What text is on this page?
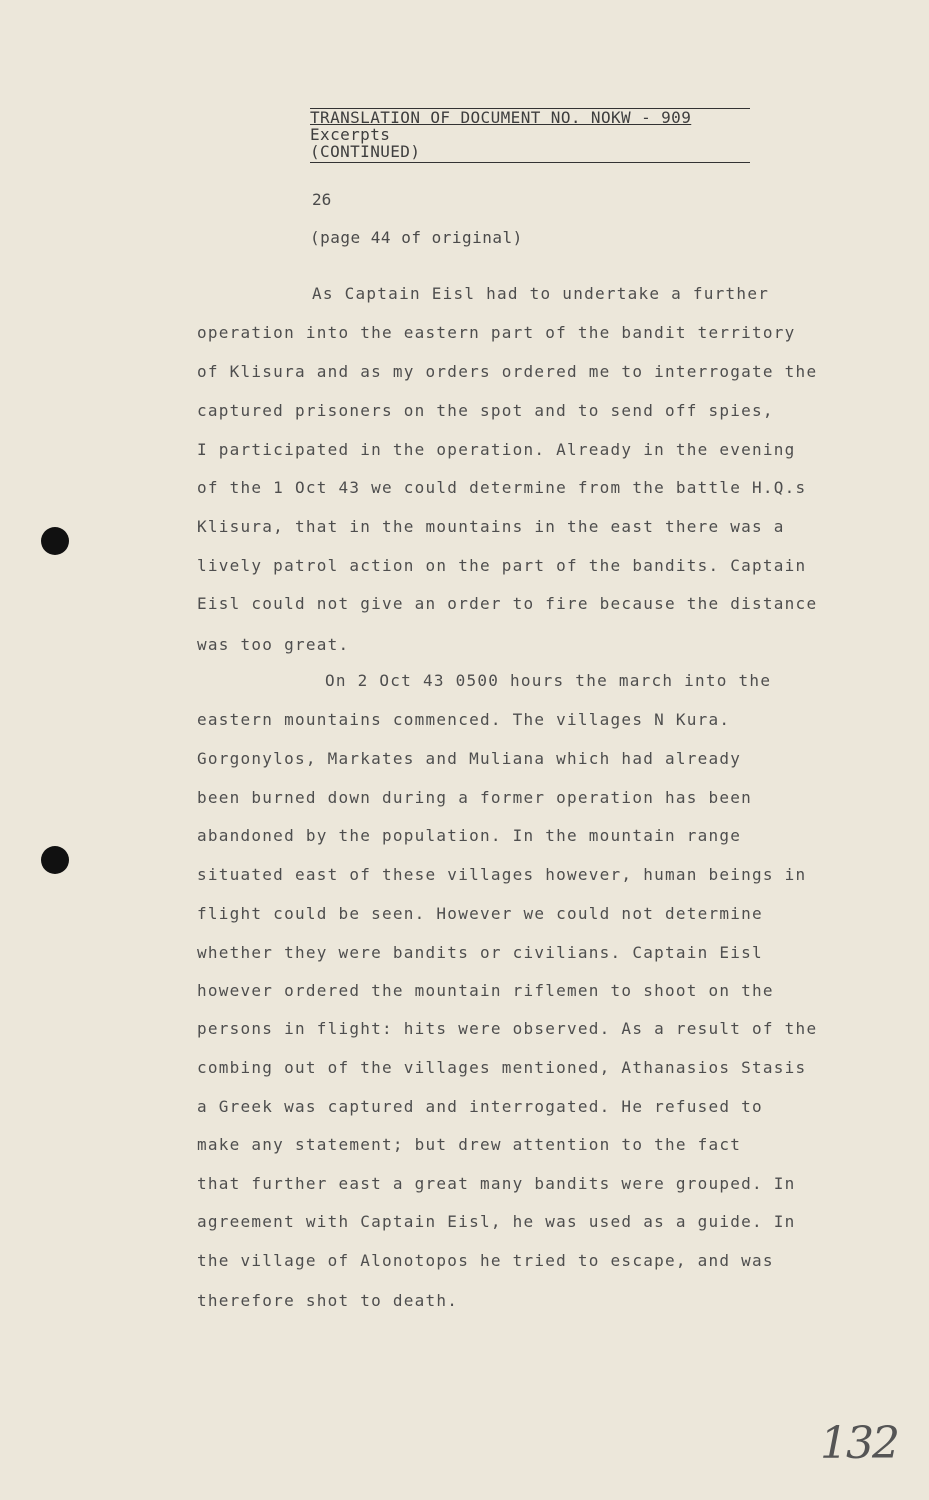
TRANSLATION OF DOCUMENT NO. NOKW - 909
Excerpts
(CONTINUED)
26
(page 44 of original)
As Captain Eisl had to undertake a further
operation into the eastern part of the bandit territory
of Klisura and as my orders ordered me to interrogate the
captured prisoners on the spot and to send off spies,
I participated in the operation. Already in the evening
of the 1 Oct 43 we could determine from the battle H.Q.s
Klisura, that in the mountains in the east there was a
lively patrol action on the part of the bandits. Captain
Eisl could not give an order to fire because the distance
was too great.
On 2 Oct 43 0500 hours the march into the
eastern mountains commenced. The villages N Kura.
Gorgonylos, Markates and Muliana which had already
been burned down during a former operation has been
abandoned by the population. In the mountain range
situated east of these villages however, human beings in
flight could be seen. However we could not determine
whether they were bandits or civilians. Captain Eisl
however ordered the mountain riflemen to shoot on the
persons in flight: hits were observed. As a result of the
combing out of the villages mentioned, Athanasios Stasis
a Greek was captured and interrogated. He refused to
make any statement; but drew attention to the fact
that further east a great many bandits were grouped. In
agreement with Captain Eisl, he was used as a guide. In
the village of Alonotopos he tried to escape, and was
therefore shot to death.
132
